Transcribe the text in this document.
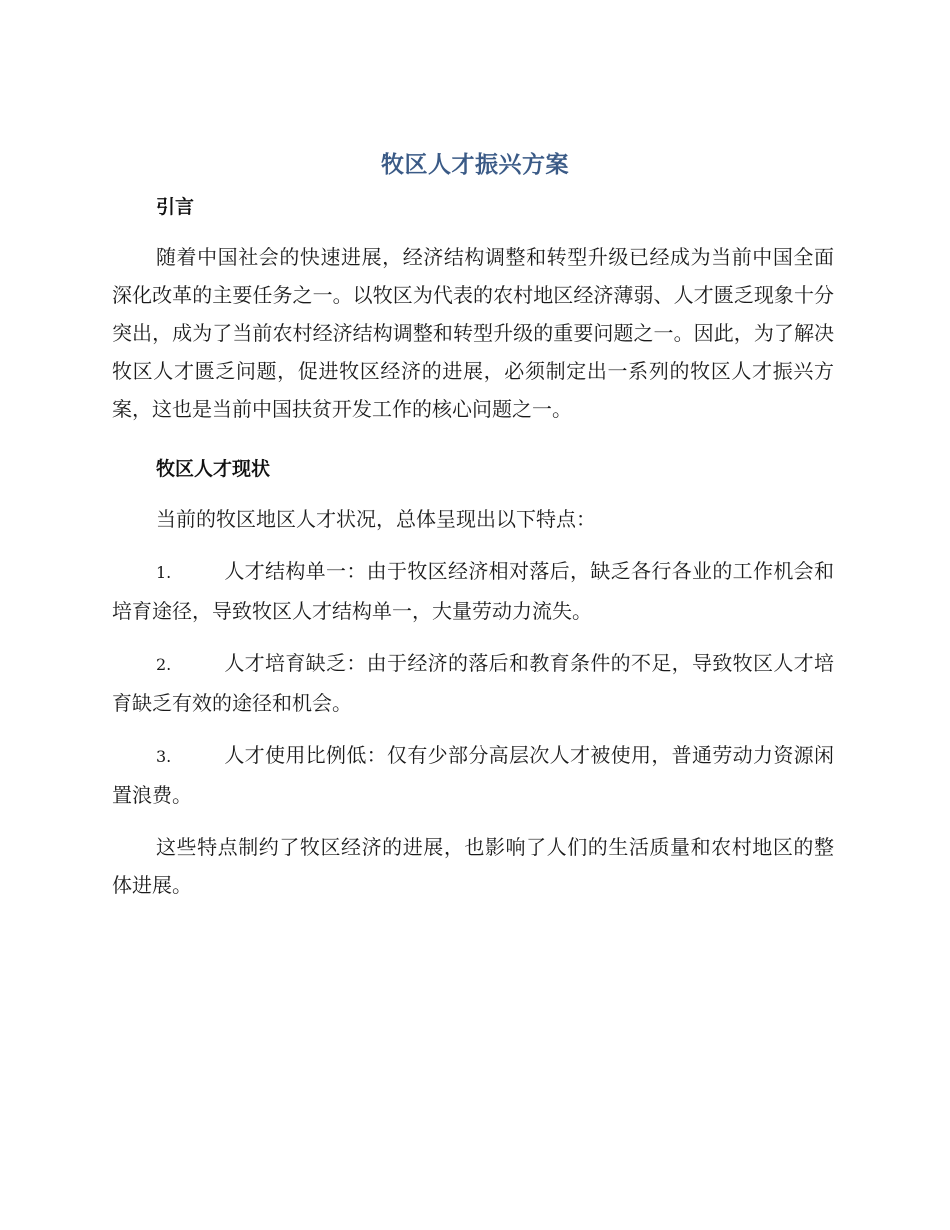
牧区人才振兴方案
引言

随着中国社会的快速进展，经济结构调整和转型升级已经成为当前中国全面深化改革的主要任务之一。以牧区为代表的农村地区经济薄弱、人才匮乏现象十分突出，成为了当前农村经济结构调整和转型升级的重要问题之一。因此，为了解决牧区人才匮乏问题，促进牧区经济的进展，必须制定出一系列的牧区人才振兴方案，这也是当前中国扶贫开发工作的核心问题之一。

牧区人才现状

当前的牧区地区人才状况，总体呈现出以下特点：

1.	人才结构单一：由于牧区经济相对落后，缺乏各行各业的工作机会和培育途径，导致牧区人才结构单一，大量劳动力流失。

2.	人才培育缺乏：由于经济的落后和教育条件的不足，导致牧区人才培育缺乏有效的途径和机会。

3.	人才使用比例低：仅有少部分高层次人才被使用，普通劳动力资源闲置浪费。

这些特点制约了牧区经济的进展，也影响了人们的生活质量和农村地区的整体进展。
